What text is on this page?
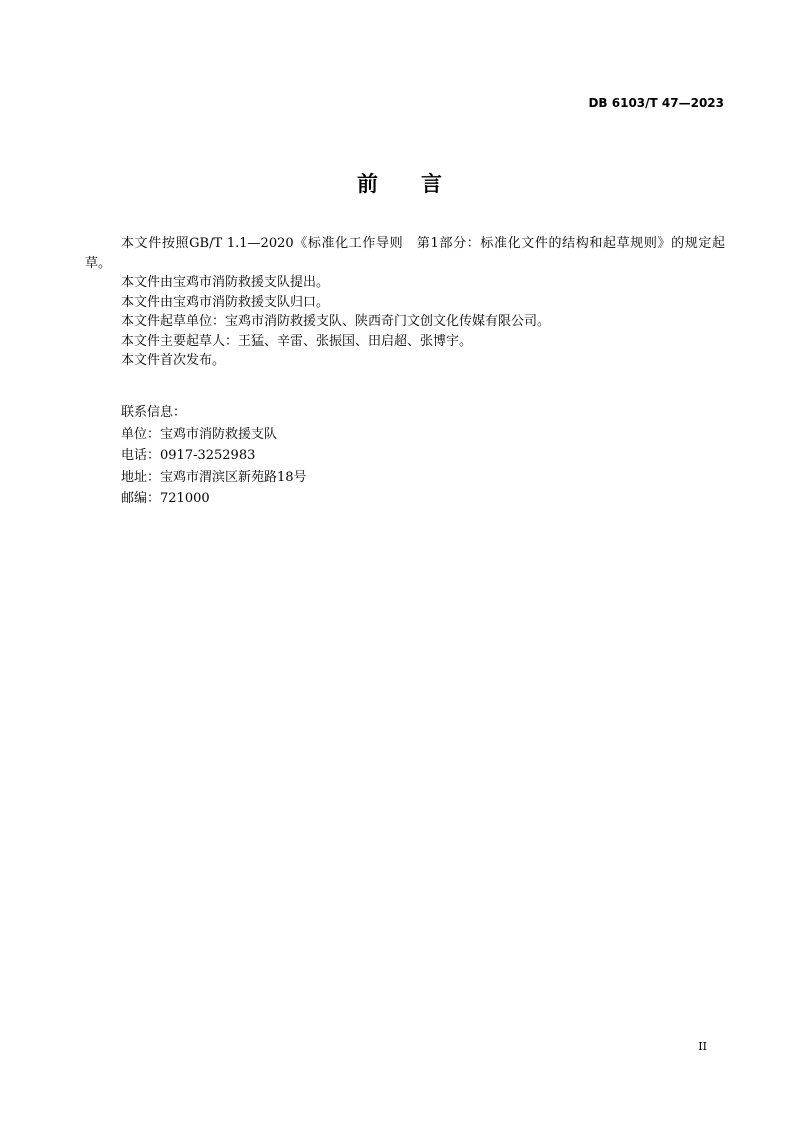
DB 6103/T 47—2023
前 言

本文件按照GB/T 1.1—2020《标准化工作导则　第1部分：标准化文件的结构和起草规则》的规定起草。

本文件由宝鸡市消防救援支队提出。

本文件由宝鸡市消防救援支队归口。

本文件起草单位：宝鸡市消防救援支队、陕西奇门文创文化传媒有限公司。

本文件主要起草人：王猛、辛雷、张振国、田启超、张博宇。

本文件首次发布。

联系信息：
单位：宝鸡市消防救援支队
电话：0917-3252983
地址：宝鸡市渭滨区新苑路18号
邮编：721000
II
